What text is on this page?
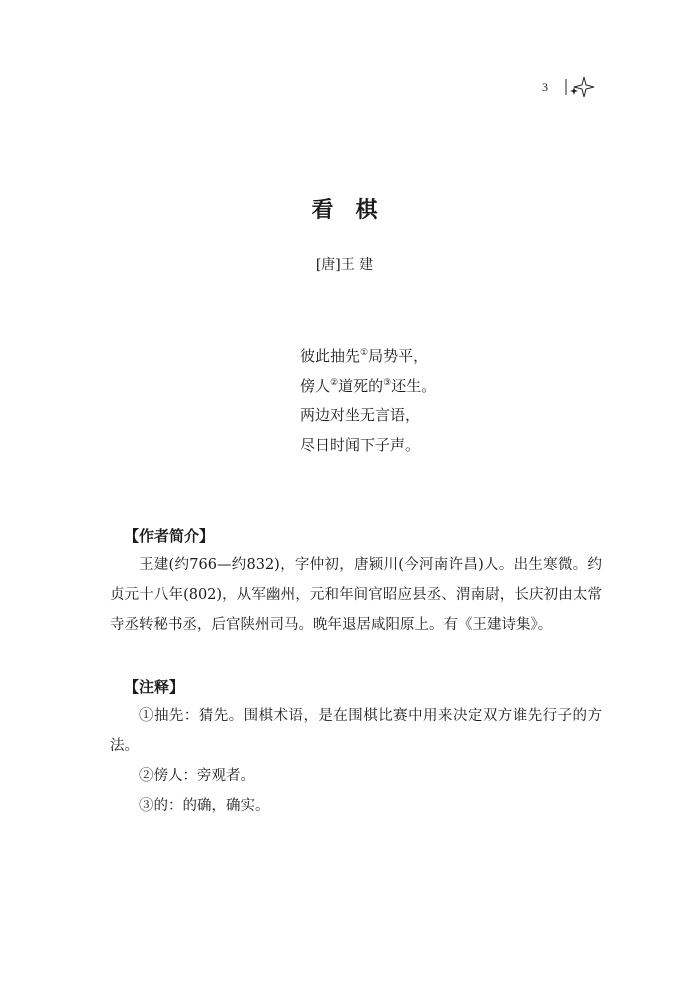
3
看棋
[唐]王 建
彼此抽先①局势平，
傍人②道死的③还生。
两边对坐无言语，
尽日时闻下子声。
【作者简介】

王建(约766—约832)，字仲初，唐颍川(今河南许昌)人。出生寒微。约贞元十八年(802)，从军幽州，元和年间官昭应县丞、渭南尉，长庆初由太常寺丞转秘书丞，后官陕州司马。晚年退居咸阳原上。有《王建诗集》。

【注释】

①抽先：猜先。围棋术语，是在围棋比赛中用来决定双方谁先行子的方法。

②傍人：旁观者。

③的：的确，确实。
